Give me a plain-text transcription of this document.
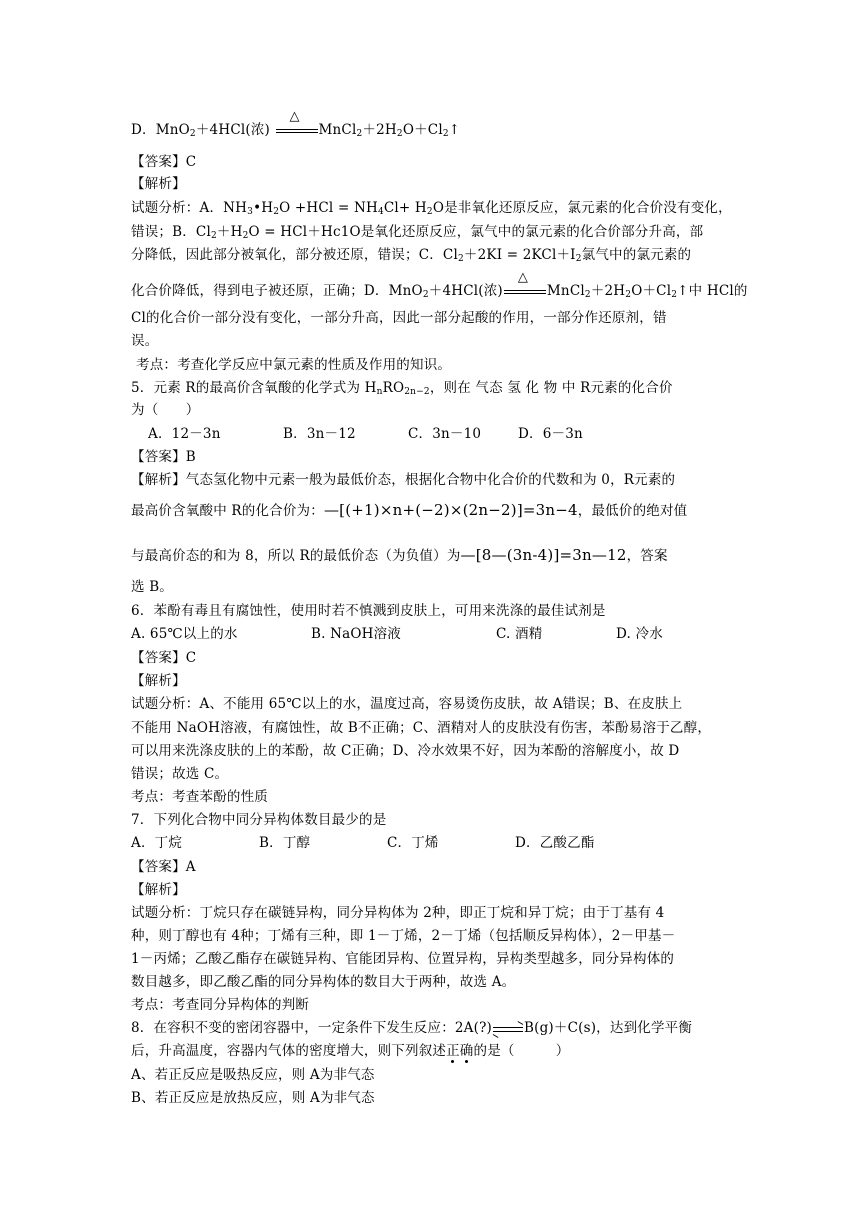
D．MnO$_2$＋4HCl(浓)
△
$MnCl_2+2H_2O+Cl_2↑$
【答案】C
【解析】
试题分析：A．$NH_3•H_2O +HCl = NH_4Cl+ H_2O$是非氧化还原反应，氯元素的化合价没有变化，
错误；B．$Cl_2+H_2O = HCl+Hc1O$是氧化还原反应，氯气中的氯元素的化合价部分升高，部
分降低，因此部分被氧化，部分被还原，错误；C．$Cl_2+2KI = 2KCl+I_2$氯气中的氯元素的
化合价降低，得到电子被还原，正确；D．MnO$_2$＋4HCl(浓)
△
$MnCl_2+2H_2O+Cl_2↑$中 HCl的
Cl的化合价一部分没有变化，一部分升高，因此一部分起酸的作用，一部分作还原剂，错
误。
考点：考查化学反应中氯元素的性质及作用的知识。
5．元素 R的最高价含氧酸的化学式为 $H_nRO_{2n-2}$，则在 气态 氢 化 物 中 R元素的化合价
为（　　）
A．12－3n	B．3n－12	C．3n－10	D．6－3n
【答案】B
【解析】气态氢化物中元素一般为最低价态，根据化合物中化合价的代数和为 0，R元素的
最高价含氧酸中 R的化合价为：—[(+1)×n+(−2)×(2n−2)]=3n−4，最低价的绝对值
与最高价态的和为 8，所以 R的最低价态（为负值）为—[8—(3n-4)]=3n—12，答案
选 B。
6．苯酚有毒且有腐蚀性，使用时若不慎溅到皮肤上，可用来洗涤的最佳试剂是
A. 65℃以上的水	B. NaOH溶液	C. 酒精	D. 冷水
【答案】C
【解析】
试题分析：A、不能用 65℃以上的水，温度过高，容易烫伤皮肤，故 A错误；B、在皮肤上
不能用 NaOH溶液，有腐蚀性，故 B不正确；C、酒精对人的皮肤没有伤害，苯酚易溶于乙醇，
可以用来洗涤皮肤的上的苯酚，故 C正确；D、冷水效果不好，因为苯酚的溶解度小，故 D
错误；故选 C。
考点：考查苯酚的性质
7．下列化合物中同分异构体数目最少的是
A．丁烷	B．丁醇	C．丁烯	D．乙酸乙酯
【答案】A
【解析】
试题分析：丁烷只存在碳链异构，同分异构体为 2种，即正丁烷和异丁烷；由于丁基有 4
种，则丁醇也有 4种；丁烯有三种，即 1－丁烯，2－丁烯（包括顺反异构体），2－甲基－
1－丙烯；乙酸乙酯存在碳链异构、官能团异构、位置异构，异构类型越多，同分异构体的
数目越多，即乙酸乙酯的同分异构体的数目大于两种，故选 A。
考点：考查同分异构体的判断
8．在容积不变的密闭容器中，一定条件下发生反应：2A(?)⇌B(g)＋C(s)，达到化学平衡
后，升高温度，容器内气体的密度增大，则下列叙述正确
的是（　　　）
A、若正反应是吸热反应，则 A为非气态
B、若正反应是放热反应，则 A为非气态
